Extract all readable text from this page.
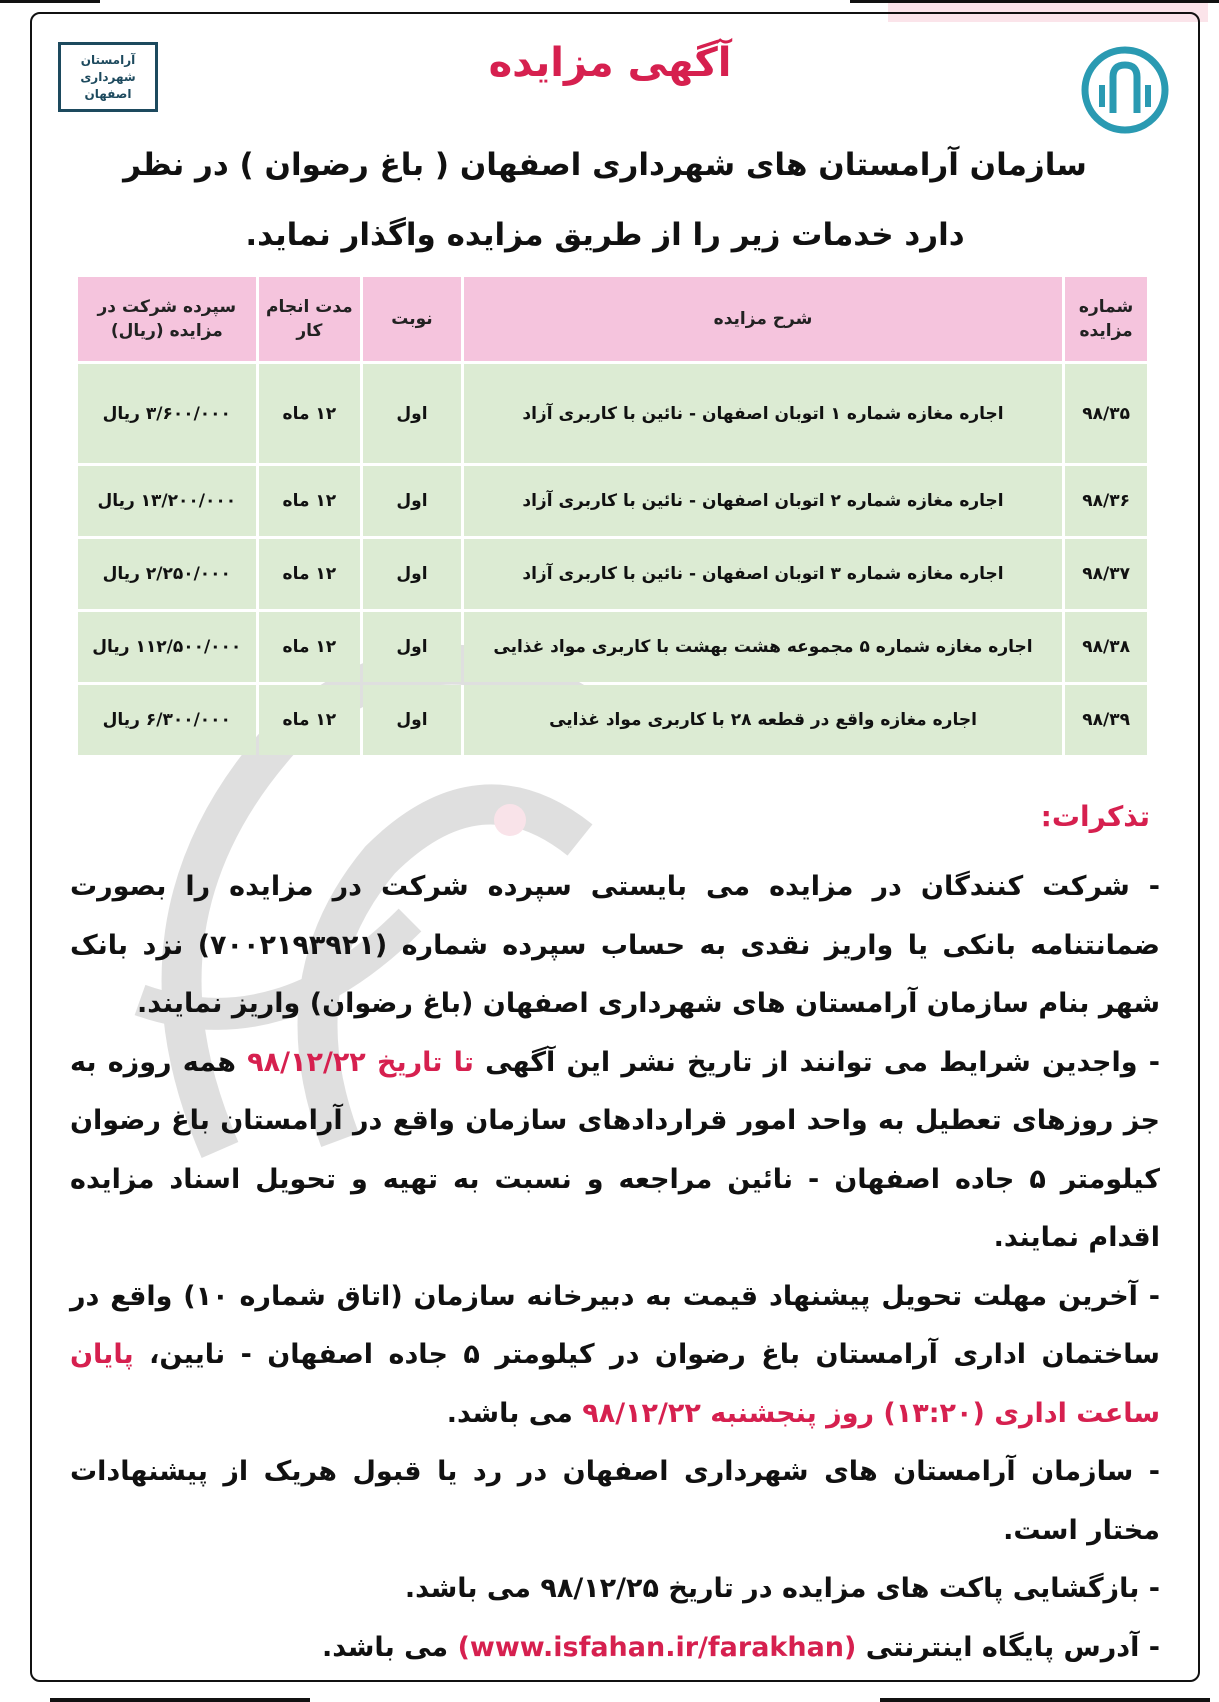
آرامستان
شهرداری
اصفهان
آگهی مزایده
سازمان آرامستان های شهرداری اصفهان ( باغ رضوان ) در نظر دارد خدمات زیر را از طریق مزایده واگذار نماید.
شماره مزایده	شرح مزایده	نوبت	مدت انجام کار	سپرده شرکت در مزایده (ریال)
۹۸/۳۵	اجاره مغازه شماره ۱ اتوبان اصفهان - نائین با کاربری آزاد	اول	۱۲ ماه	۳/۶۰۰/۰۰۰ ریال
۹۸/۳۶	اجاره مغازه شماره ۲ اتوبان اصفهان - نائین با کاربری آزاد	اول	۱۲ ماه	۱۳/۲۰۰/۰۰۰ ریال
۹۸/۳۷	اجاره مغازه شماره ۳ اتوبان اصفهان - نائین با کاربری آزاد	اول	۱۲ ماه	۲/۲۵۰/۰۰۰ ریال
۹۸/۳۸	اجاره مغازه شماره ۵ مجموعه هشت بهشت با کاربری مواد غذایی	اول	۱۲ ماه	۱۱۲/۵۰۰/۰۰۰ ریال
۹۸/۳۹	اجاره مغازه واقع در قطعه ۲۸ با کاربری مواد غذایی	اول	۱۲ ماه	۶/۳۰۰/۰۰۰ ریال
تذکرات:

- شرکت کنندگان در مزایده می بایستی سپرده شرکت در مزایده را بصورت ضمانتنامه بانکی یا واریز نقدی به حساب سپرده شماره (۷۰۰۲۱۹۳۹۲۱) نزد بانک شهر بنام سازمان آرامستان های شهرداری اصفهان (باغ رضوان) واریز نمایند.

- واجدین شرایط می توانند از تاریخ نشر این آگهی تا تاریخ ۹۸/۱۲/۲۲ همه روزه به جز روزهای تعطیل به واحد امور قراردادهای سازمان واقع در آرامستان باغ رضوان کیلومتر ۵ جاده اصفهان - نائین مراجعه و نسبت به تهیه و تحویل اسناد مزایده اقدام نمایند.

- آخرین مهلت تحویل پیشنهاد قیمت به دبیرخانه سازمان (اتاق شماره ۱۰) واقع در ساختمان اداری آرامستان باغ رضوان در کیلومتر ۵ جاده اصفهان - نایین، پایان ساعت اداری (۱۳:۲۰) روز پنجشنبه ۹۸/۱۲/۲۲ می باشد.

- سازمان آرامستان های شهرداری اصفهان در رد یا قبول هریک از پیشنهادات مختار است.

- بازگشایی پاکت های مزایده در تاریخ ۹۸/۱۲/۲۵ می باشد.

- آدرس پایگاه اینترنتی (www.isfahan.ir/farakhan) می باشد.
